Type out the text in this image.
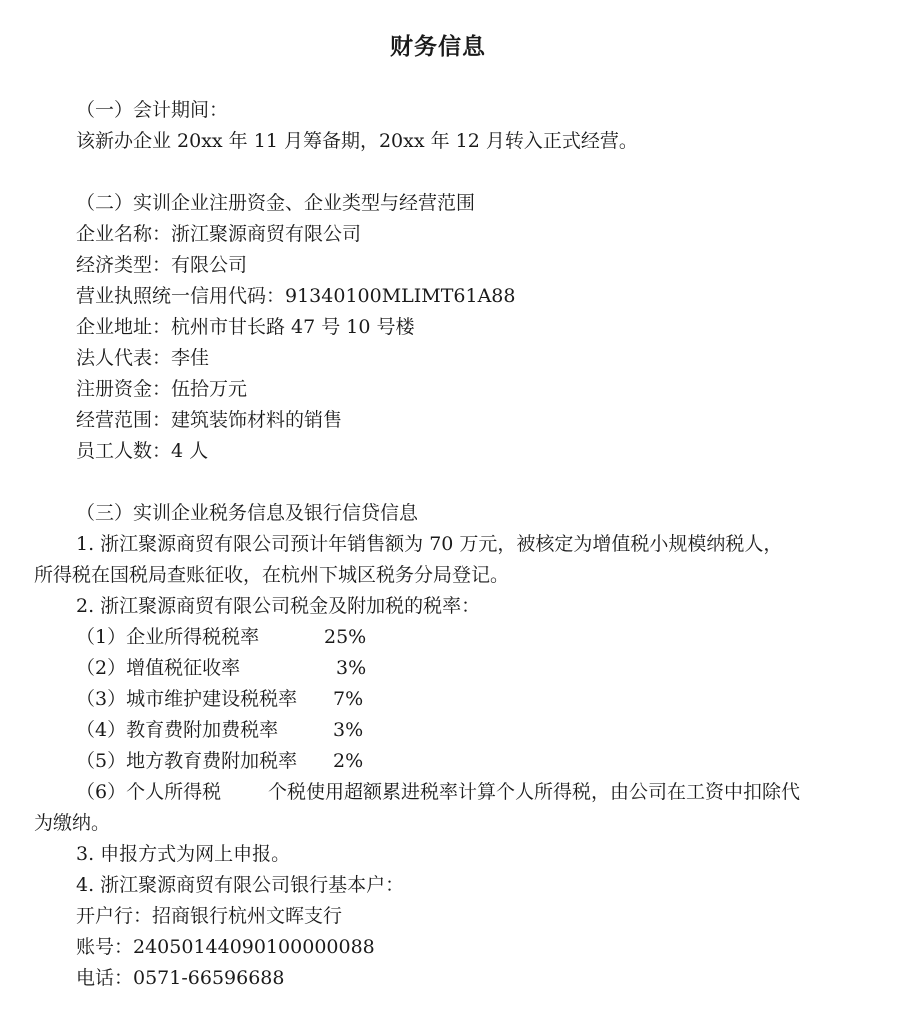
财务信息
（一）会计期间：
该新办企业 20xx 年 11 月筹备期，20xx 年 12 月转入正式经营。
（二）实训企业注册资金、企业类型与经营范围
企业名称：浙江聚源商贸有限公司
经济类型：有限公司
营业执照统一信用代码：91340100MLIMT61A88
企业地址：杭州市甘长路 47 号 10 号楼
法人代表：李佳
注册资金：伍拾万元
经营范围：建筑装饰材料的销售
员工人数：4 人
（三）实训企业税务信息及银行信贷信息
1. 浙江聚源商贸有限公司预计年销售额为 70 万元，被核定为增值税小规模纳税人，
所得税在国税局查账征收，在杭州下城区税务分局登记。
2. 浙江聚源商贸有限公司税金及附加税的税率：
（1）企业所得税税率	25%
（2）增值税征收率	3%
（3）城市维护建设税税率 7%
（4）教育费附加费税率	3%
（5）地方教育费附加税率 2%
（6）个人所得税 个税使用超额累进税率计算个人所得税，由公司在工资中扣除代
为缴纳。
3. 申报方式为网上申报。
4. 浙江聚源商贸有限公司银行基本户：
开户行：招商银行杭州文晖支行
账号：24050144090100000088
电话：0571-66596688
